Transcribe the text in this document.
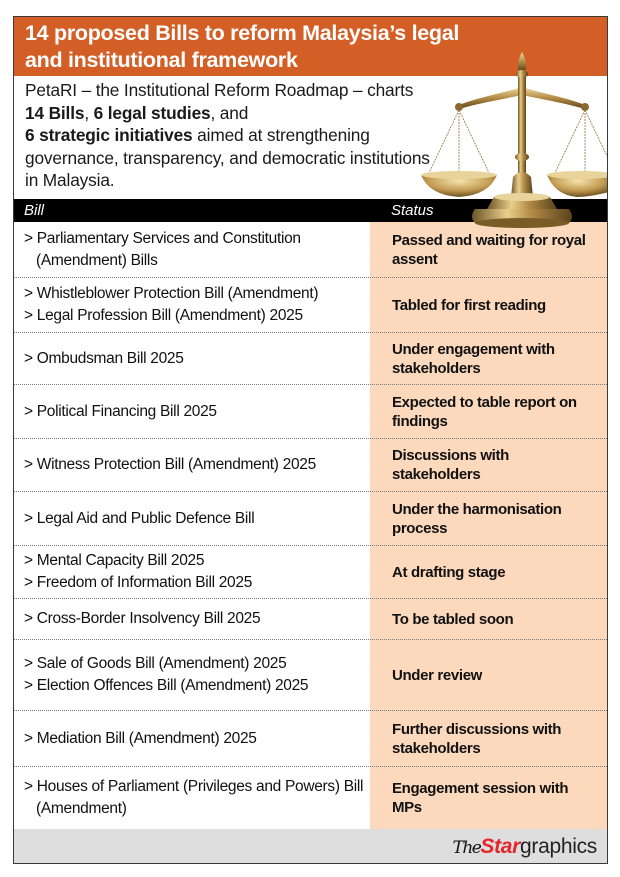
14 proposed Bills to reform Malaysia’s legal
and institutional framework
PetaRI – the Institutional Reform Roadmap – charts 14 Bills, 6 legal studies, and
6 strategic initiatives aimed at strengthening governance, transparency, and democratic institutions in Malaysia.
Bill	Status
> Parliamentary Services and Constitution (Amendment) Bills
Passed and waiting for royal assent
> Whistleblower Protection Bill (Amendment)
> Legal Profession Bill (Amendment) 2025
Tabled for first reading
> Ombudsman Bill 2025
Under engagement with stakeholders
> Political Financing Bill 2025
Expected to table report on findings
> Witness Protection Bill (Amendment) 2025
Discussions with stakeholders
> Legal Aid and Public Defence Bill
Under the harmonisation process
> Mental Capacity Bill 2025
> Freedom of Information Bill 2025
At drafting stage
> Cross-Border Insolvency Bill 2025	To be tabled soon
> Sale of Goods Bill (Amendment) 2025
> Election Offences Bill (Amendment) 2025
Under review
> Mediation Bill (Amendment) 2025
Further discussions with stakeholders
> Houses of Parliament (Privileges and Powers) Bill (Amendment)
Engagement session with MPs
TheStargraphics
